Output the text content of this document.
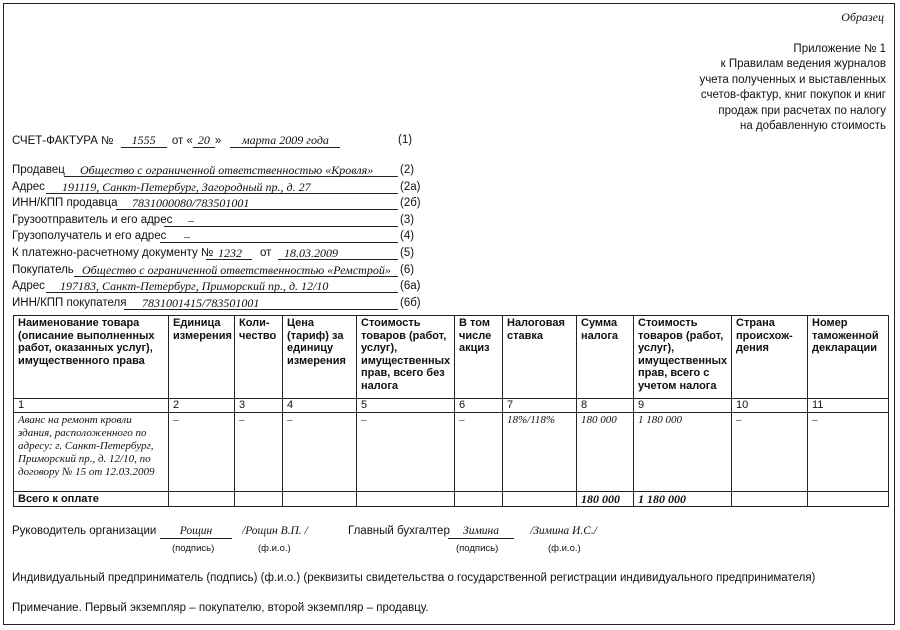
Образец
Приложение № 1
к Правилам ведения журналов
учета полученных и выставленных
счетов-фактур, книг покупок и книг
продаж при расчетах по налогу
на добавленную стоимость
СЧЕТ-ФАКТУРА № 1555 от « 20 » марта 2009 года	(1)
Продавец	Общество с ограниченной ответственностью «Кровля»	(2)
Адрес	191119, Санкт-Петербург, Загородный пр., д. 27	(2а)
ИНН/КПП продавца	7831000080/783501001	(2б)
Грузоотправитель и его адрес	–	(3)
Грузополучатель и его адрес	–	(4)
К платежно-расчетному документу № 1232	от	18.03.2009	(5)
Покупатель Общество с ограниченной ответственностью «Ремстрой» (6)
Адрес	197183, Санкт-Петербург, Приморский пр., д. 12/10	(6а)
ИНН/КПП покупателя	7831001415/783501001	(6б)
Наименование товара (описание выполненных работ, оказанных услуг), имущественного права	Единица измерения	Коли-чество	Цена (тариф) за единицу измерения	Стоимость товаров (работ, услуг), имущественных прав, всего без налога	В том числе акциз	Налоговая ставка	Сумма налога	Стоимость товаров (работ, услуг), имущественных прав, всего с учетом налога	Страна происхож-дения	Номер таможенной декларации
1	2	3	4	5	6	7	8	9	10	11
Аванс на ремонт кровли здания, расположенного по адресу: г. Санкт-Петербург, Приморский пр., д. 12/10, по договору № 15 от 12.03.2009	–	–	–	–	–	18%/118%	180 000	1 180 000	–	–
Всего к оплате							180 000	1 180 000		
Руководитель организации	Рощин	/Рощин В.П. /
(подпись)	(ф.и.о.)
Главный бухгалтер	Зимина	/Зимина И.С./
(подпись)	(ф.и.о.)
Индивидуальный предприниматель (подпись) (ф.и.о.) (реквизиты свидетельства о государственной регистрации индивидуального предпринимателя)
Примечание. Первый экземпляр – покупателю, второй экземпляр – продавцу.
